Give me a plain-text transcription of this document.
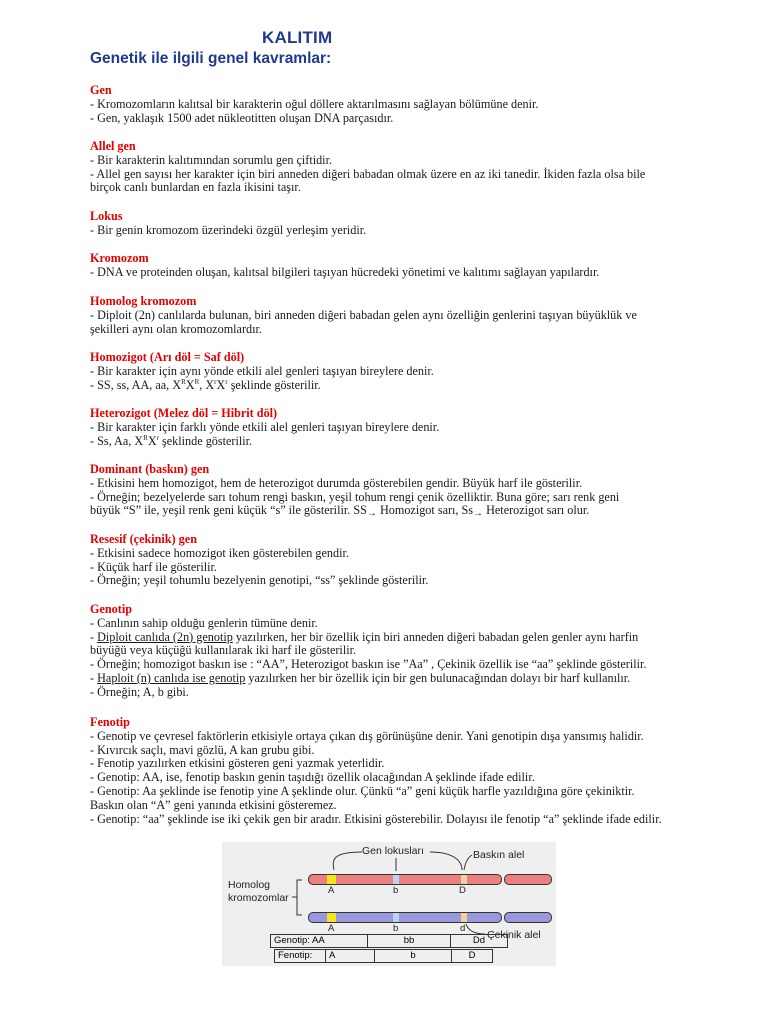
KALITIM
Genetik ile ilgili genel kavramlar:
Gen
- Kromozomların kalıtsal bir karakterin oğul döllere aktarılmasını sağlayan bölümüne denir.
- Gen, yaklaşık 1500 adet nükleotitten oluşan DNA parçasıdır.
Allel gen
- Bir karakterin kalıtımından sorumlu gen çiftidir.
- Allel gen sayısı her karakter için biri anneden diğeri babadan olmak üzere en az iki tanedir. İkiden fazla olsa bile
birçok canlı bunlardan en fazla ikisini taşır.
Lokus
- Bir genin kromozom üzerindeki özgül yerleşim yeridir.
Kromozom
- DNA ve proteinden oluşan, kalıtsal bilgileri taşıyan hücredeki yönetimi ve kalıtımı sağlayan yapılardır.
Homolog kromozom
- Diploit (2n) canlılarda bulunan, biri anneden diğeri babadan gelen aynı özelliğin genlerini taşıyan büyüklük ve
şekilleri aynı olan kromozomlardır.
Homozigot (Arı döl = Saf döl)
- Bir karakter için aynı yönde etkili alel genleri taşıyan bireylere denir.
- SS, ss, AA, aa, $X^RX^R$, $X^rX^r$ şeklinde gösterilir.
Heterozigot (Melez döl = Hibrit döl)
- Bir karakter için farklı yönde etkili alel genleri taşıyan bireylere denir.
- Ss, Aa, $X^RX^r$ şeklinde gösterilir.
Dominant (baskın) gen
- Etkisini hem homozigot, hem de heterozigot durumda gösterebilen gendir. Büyük harf ile gösterilir.
- Örneğin; bezelyelerde sarı tohum rengi baskın, yeşil tohum rengi çenik özelliktir. Buna göre; sarı renk geni
büyük “S” ile, yeşil renk geni küçük “s” ile gösterilir. SS→ Homozigot sarı, Ss→ Heterozigot sarı olur.
Resesif (çekinik) gen
- Etkisini sadece homozigot iken gösterebilen gendir.
- Küçük harf ile gösterilir.
- Örneğin; yeşil tohumlu bezelyenin genotipi, “ss” şeklinde gösterilir.
Genotip
- Canlının sahip olduğu genlerin tümüne denir.
- Diploit canlıda (2n) genotip yazılırken, her bir özellik için biri anneden diğeri babadan gelen genler aynı harfin
büyüğü veya küçüğü kullanılarak iki harf ile gösterilir.
- Örneğin; homozigot baskın ise : “AA”, Heterozigot baskın ise ”Aa” , Çekinik özellik ise “aa” şeklinde gösterilir.
- Haploit (n) canlıda ise genotip yazılırken her bir özellik için bir gen bulunacağından dolayı bir harf kullanılır.
- Örneğin; A, b gibi.
Fenotip
- Genotip ve çevresel faktörlerin etkisiyle ortaya çıkan dış görünüşüne denir. Yani genotipin dışa yansımış halidir.
- Kıvırcık saçlı, mavi gözlü, A kan grubu gibi.
- Fenotip yazılırken etkisini gösteren geni yazmak yeterlidir.
- Genotip: AA, ise, fenotip baskın genin taşıdığı özellik olacağından A şeklinde ifade edilir.
- Genotip: Aa şeklinde ise fenotip yine A şeklinde olur. Çünkü “a” geni küçük harfle yazıldığına göre çekiniktir.
Baskın olan “A” geni yanında etkisini gösteremez.
- Genotip: “aa” şeklinde ise iki çekik gen bir aradır. Etkisini gösterebilir. Dolayısı ile fenotip “a” şeklinde ifade edilir.
Gen lokusları	Baskın alel
Homolog
kromozomlar
Çekinik alel
A	b	D
A	b	d
Genotip: AA	bb	Dd
Fenotip:	A	b	D
